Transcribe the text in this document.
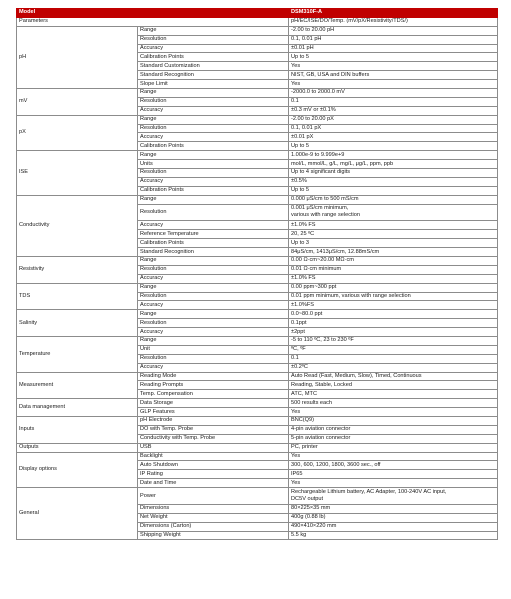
Model		DSM310F-A
Parameters		pH/EC/ISE/DO/Temp. (mV/pX/Resistivity/TDS/)
pH	Range	-2.00 to 20.00 pH
	Resolution	0.1, 0.01 pH
	Accuracy	±0.01 pH
	Calibration Points	Up to 5
	Standard Customization	Yes
	Standard Recognition	NIST, GB, USA and DIN buffers
	Slope Limit	Yes
mV	Range	-2000.0 to 2000.0 mV
	Resolution	0.1
	Accuracy	±0.3 mV or ±0.1%
pX	Range	-2.00 to 20.00 pX
	Resolution	0.1, 0.01 pX
	Accuracy	±0.01 pX
	Calibration Points	Up to 5
ISE	Range	1.000e-9 to 9.999e+9
	Units	mol/L, mmol/L, g/L, mg/L, μg/L, ppm, ppb
	Resolution	Up to 4 significant digits
	Accuracy	±0.5%
	Calibration Points	Up to 5
Conductivity	Range	0.000 μS/cm to 500 mS/cm
	Resolution	0.001 μS/cm minimum,
various with range selection

	Accuracy	±1.0% FS
	Reference Temperature	20, 25 ºC
	Calibration Points	Up to 3
	Standard Recognition	84μS/cm, 1413μS/cm, 12.88mS/cm
Resistivity	Range	0.00 Ω·cm~20.00 MΩ·cm
	Resolution	0.01 Ω·cm minimum
	Accuracy	±1.0% FS
TDS	Range	0.00 ppm~300 ppt
	Resolution	0.01 ppm minimum, various with range selection
	Accuracy	±1.0%FS
Salinity	Range	0.0~80.0 ppt
	Resolution	0.1ppt
	Accuracy	±2ppt
Temperature	Range	-5 to 110 ºC, 23 to 230 ºF
	Unit	ºC, ºF
	Resolution	0.1
	Accuracy	±0.2ºC
Measurement	Reading Mode	Auto Read (Fast, Medium, Slow), Timed, Continuous
	Reading Prompts	Reading, Stable, Locked
	Temp. Compensation	ATC, MTC
Data management	Data Storage	500 results each
	GLP Features	Yes
Inputs	pH Electrode	BNC(Q9)
	DO with Temp. Probe	4-pin aviation connector
	Conductivity with Temp. Probe	5-pin aviation connector
Outputs	USB	PC, printer
Display options	Backlight	Yes
	Auto Shutdown	300, 600, 1200, 1800, 3600 sec., off
	IP Rating	IP65
	Date and Time	Yes
General	Power	Rechargeable Lithium battery, AC Adapter, 100-240V AC input,
DC5V output

	Dimensions	80×225×35 mm
	Net Weight	400g (0.88 lb)
	Dimensions (Carton)	490×410×220 mm
	Shipping Weight	5.5 kg
